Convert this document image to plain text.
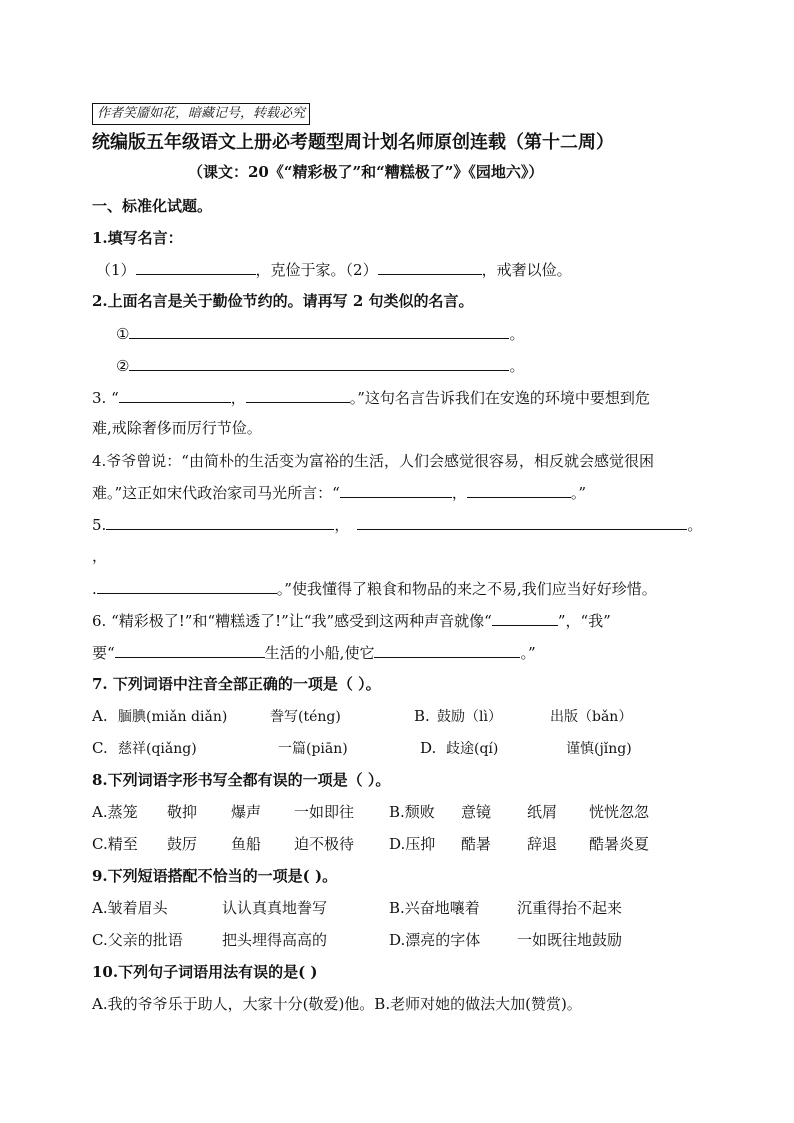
作者笑靥如花，暗藏记号，转载必究
统编版五年级语文上册必考题型周计划名师原创连载（第十二周）
（课文：20《“精彩极了”和“糟糕极了”》《园地六》）
一、标准化试题。
1.填写名言：
（1）	，克俭于家。（2）	，戒奢以俭。
2.上面名言是关于勤俭节约的。请再写 2 句类似的名言。
①	。
②	。
3. “	，	。”这句名言告诉我们在安逸的环境中要想到危
难,戒除奢侈而厉行节俭。
4.爷爷曾说：“由简朴的生活变为富裕的生活，人们会感觉很容易，相反就会感觉很困
难。”这正如宋代政治家司马光所言：“	，	。”
5.	，	。
，
.	。”使我懂得了粮食和物品的来之不易,我们应当好好珍惜。
6. “精彩极了!”和“糟糕透了!”让“我”感受到这两种声音就像“	”，“我”
要“	生活的小船,使它	。”
7. 下列词语中注音全部正确的一项是（ ）。
A. 腼腆(miǎn diǎn)	誊写(téng)	B. 鼓励（lì）	出版（bǎn）
C. 慈祥(qiǎng)	一篇(piān)	D. 歧途(qí)	谨慎(jǐng)
8.下列词语字形书写全都有误的一项是（ ）。
A.蒸笼 敬抑 爆声 一如即往 B.颓败 意镜 纸屑 恍恍忽忽
C.精至 鼓厉 鱼船 迫不极待 D.压抑 酷暑 辞退 酷暑炎夏
9.下列短语搭配不恰当的一项是( )。
A.皱着眉头	认认真真地誊写	B.兴奋地嚷着 沉重得抬不起来
C.父亲的批语	把头埋得高高的	D.漂亮的字体 一如既往地鼓励
10.下列句子词语用法有误的是( )
A.我的爷爷乐于助人，大家十分(敬爱)他。B.老师对她的做法大加(赞赏)。
